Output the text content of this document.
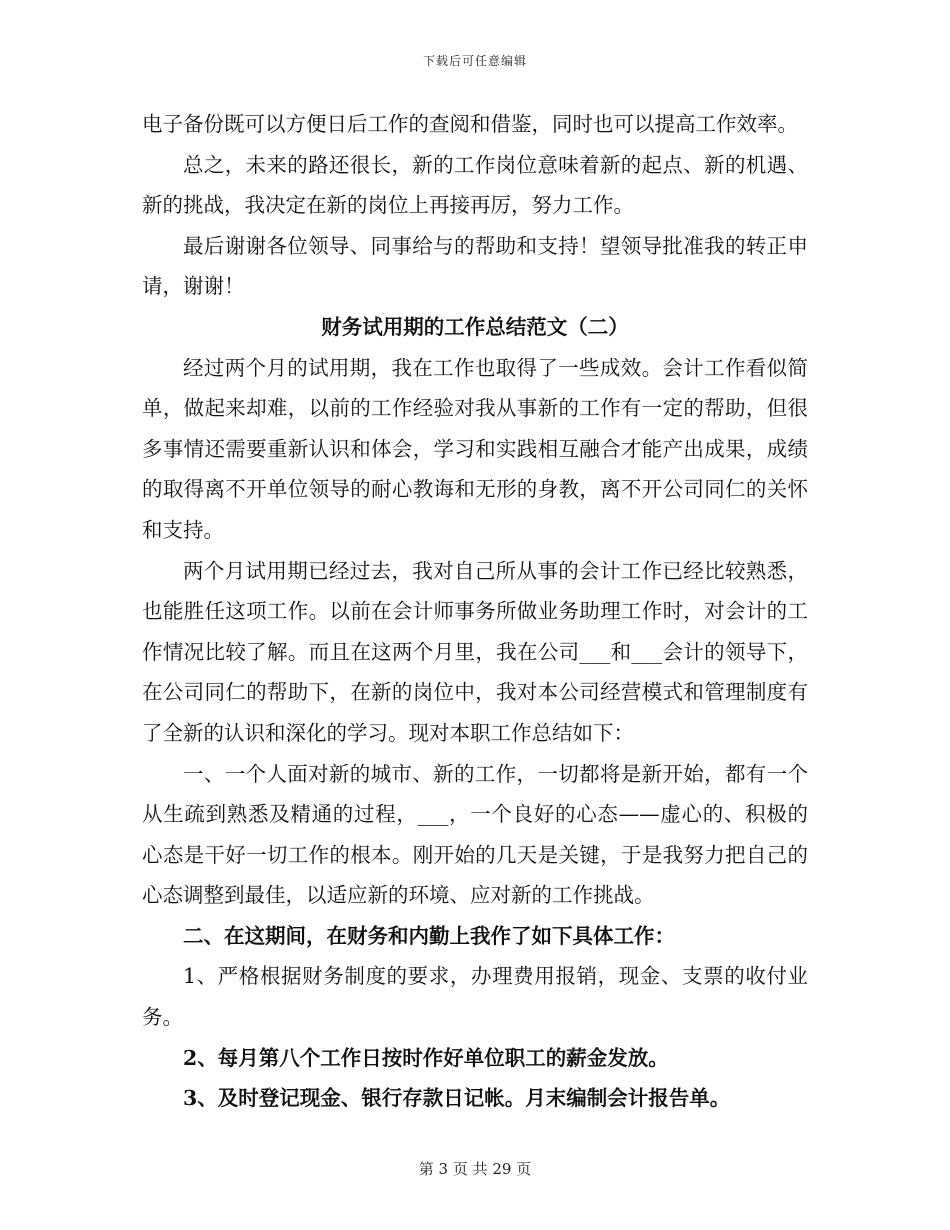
下载后可任意编辑

电子备份既可以方便日后工作的查阅和借鉴，同时也可以提高工作效率。

总之，未来的路还很长，新的工作岗位意味着新的起点、新的机遇、新的挑战，我决定在新的岗位上再接再厉，努力工作。

最后谢谢各位领导、同事给与的帮助和支持！望领导批准我的转正申请，谢谢！

财务试用期的工作总结范文（二）

经过两个月的试用期，我在工作也取得了一些成效。会计工作看似简单，做起来却难，以前的工作经验对我从事新的工作有一定的帮助，但很多事情还需要重新认识和体会，学习和实践相互融合才能产出成果，成绩的取得离不开单位领导的耐心教诲和无形的身教，离不开公司同仁的关怀和支持。

两个月试用期已经过去，我对自己所从事的会计工作已经比较熟悉，也能胜任这项工作。以前在会计师事务所做业务助理工作时，对会计的工作情况比较了解。而且在这两个月里，我在公司___和___会计的领导下，在公司同仁的帮助下，在新的岗位中，我对本公司经营模式和管理制度有了全新的认识和深化的学习。现对本职工作总结如下：

一、一个人面对新的城市、新的工作，一切都将是新开始，都有一个从生疏到熟悉及精通的过程，___，一个良好的心态——虚心的、积极的心态是干好一切工作的根本。刚开始的几天是关键，于是我努力把自己的心态调整到最佳，以适应新的环境、应对新的工作挑战。

二、在这期间，在财务和内勤上我作了如下具体工作：

1、严格根据财务制度的要求，办理费用报销，现金、支票的收付业务。

2、每月第八个工作日按时作好单位职工的薪金发放。

3、及时登记现金、银行存款日记帐。月末编制会计报告单。

第 3 页 共 29 页
